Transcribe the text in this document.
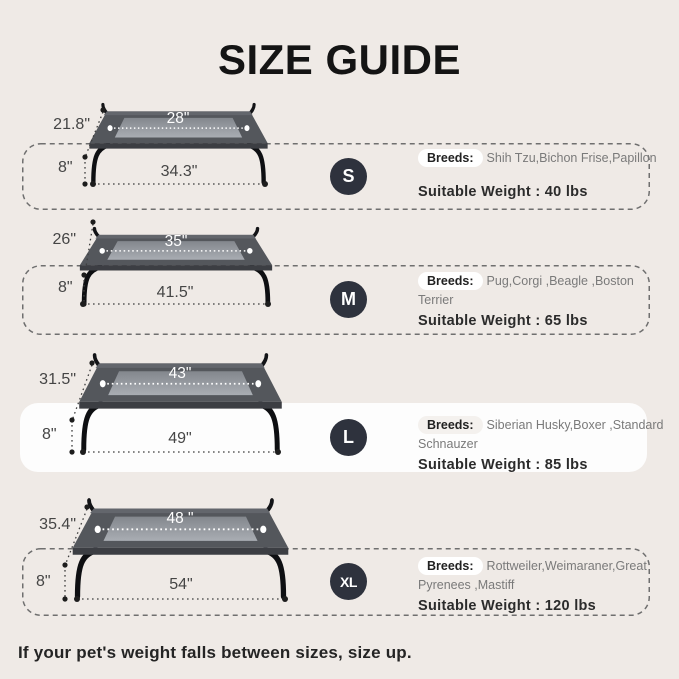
SIZE GUIDE
S
Breeds: Shih Tzu,Bichon Frise,Papillon
Suitable Weight : 40 lbs
M
Breeds: Pug,Corgi ,Beagle ,Boston Terrier
Suitable Weight : 65 lbs
L
Breeds: Siberian Husky,Boxer ,Standard Schnauzer
Suitable Weight : 85 lbs
XL
Breeds: Rottweiler,Weimaraner,Great Pyrenees ,Mastiff
Suitable Weight : 120 lbs
28"
21.8"
8"	34.3"
35"
26"
8"	41.5"
43"
31.5"
8"	49"
48 "
35.4"
8"	54"
If your pet's weight falls between sizes, size up.
